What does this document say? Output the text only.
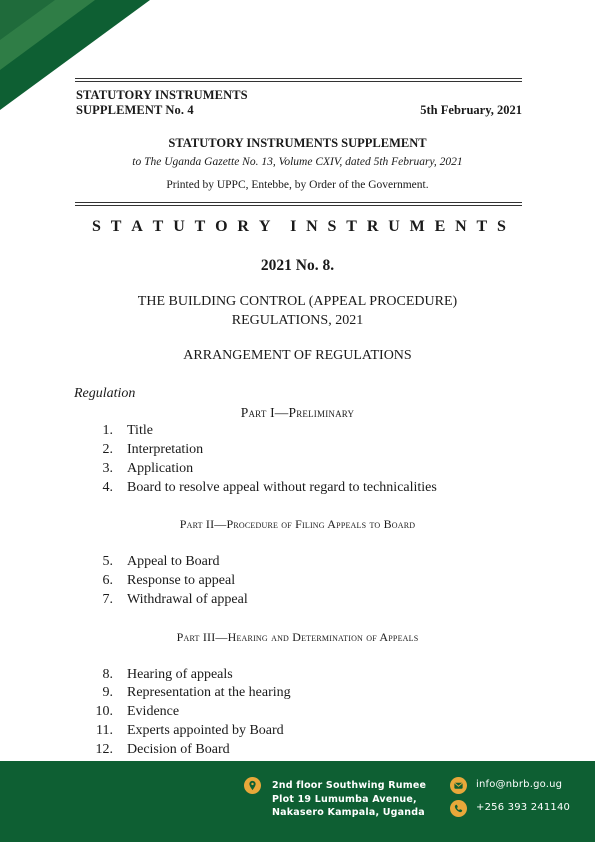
STATUTORY INSTRUMENTS
SUPPLEMENT No. 4	5th February, 2021
STATUTORY INSTRUMENTS SUPPLEMENT
to The Uganda Gazette No. 13, Volume CXIV, dated 5th February, 2021
Printed by UPPC, Entebbe, by Order of the Government.
S T A T U T O R Y I N S T R U M E N T S
2021 No. 8.
THE BUILDING CONTROL (APPEAL PROCEDURE)
REGULATIONS, 2021
ARRANGEMENT OF REGULATIONS
Regulation
Part I—Preliminary
1. Title
2. Interpretation
3. Application
4. Board to resolve appeal without regard to technicalities
Part II—Procedure of Filing Appeals to Board
5. Appeal to Board
6. Response to appeal
7. Withdrawal of appeal
Part III—Hearing and Determination of Appeals
8. Hearing of appeals
9. Representation at the hearing
10. Evidence
11. Experts appointed by Board
12. Decision of Board
2nd floor Southwing Rumee
Plot 19 Lumumba Avenue,
Nakasero Kampala, Uganda
info@nbrb.go.ug
+256 393 241140
